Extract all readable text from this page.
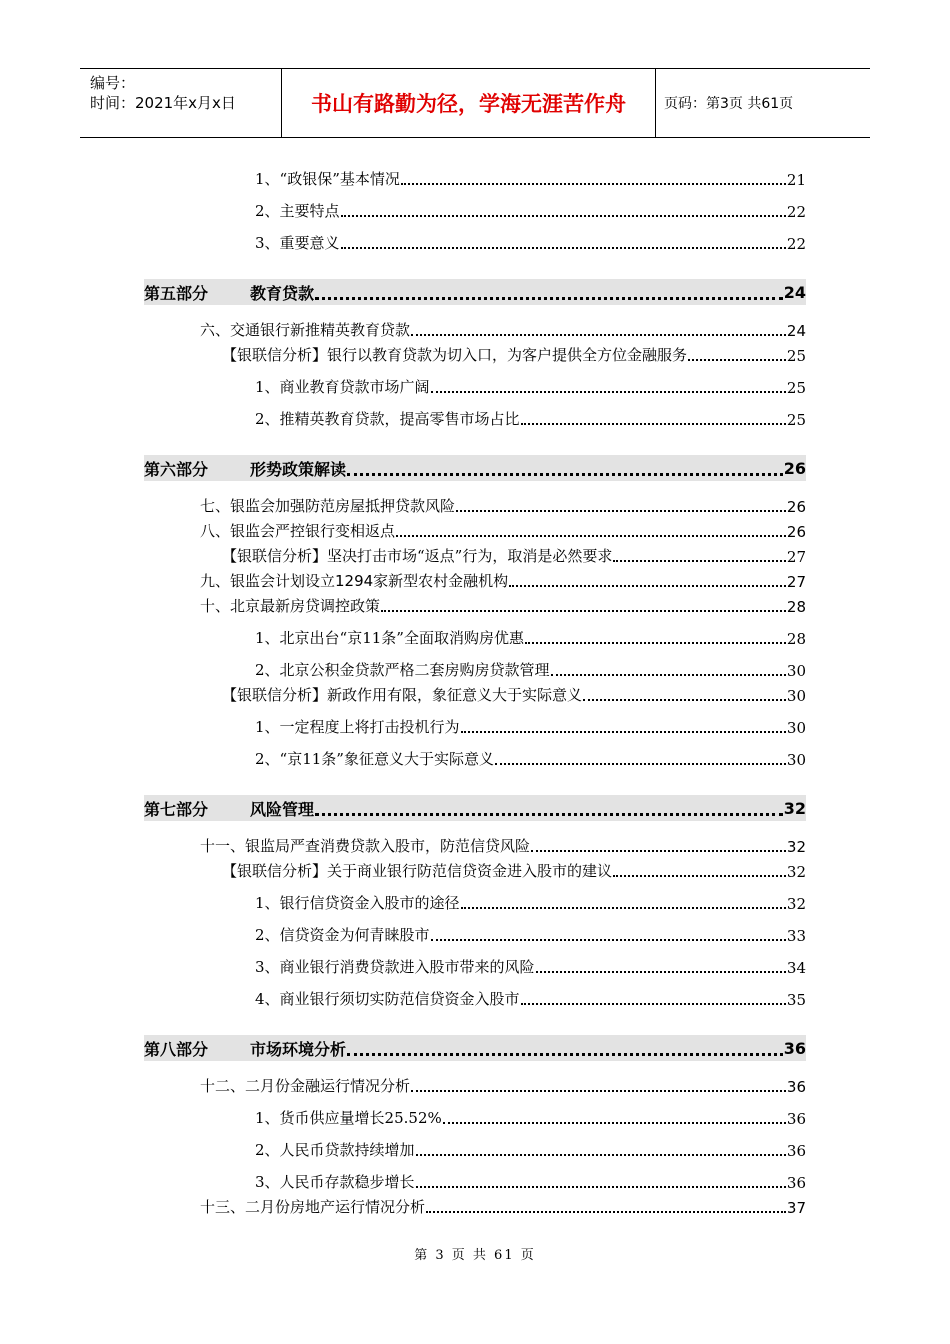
编号：
时间：2021年x月x日	书山有路勤为径，学海无涯苦作舟	页码：第3页 共61页
1、“政银保”基本情况	21
2、主要特点	22
3、重要意义	22
第五部分	教育贷款	24
六、交通银行新推精英教育贷款	24
【银联信分析】银行以教育贷款为切入口，为客户提供全方位金融服务	25
1、商业教育贷款市场广阔	25
2、推精英教育贷款，提高零售市场占比	25
第六部分	形势政策解读	26
七、银监会加强防范房屋抵押贷款风险	26
八、银监会严控银行变相返点	26
【银联信分析】坚决打击市场“返点”行为，取消是必然要求	27
九、银监会计划设立1294家新型农村金融机构	27
十、北京最新房贷调控政策	28
1、北京出台“京11条”全面取消购房优惠	28
2、北京公积金贷款严格二套房购房贷款管理	30
【银联信分析】新政作用有限，象征意义大于实际意义	30
1、一定程度上将打击投机行为	30
2、“京11条”象征意义大于实际意义	30
第七部分	风险管理	32
十一、银监局严查消费贷款入股市，防范信贷风险	32
【银联信分析】关于商业银行防范信贷资金进入股市的建议	32
1、银行信贷资金入股市的途径	32
2、信贷资金为何青睐股市	33
3、商业银行消费贷款进入股市带来的风险	34
4、商业银行须切实防范信贷资金入股市	35
第八部分	市场环境分析	36
十二、二月份金融运行情况分析	36
1、货币供应量增长25.52%	36
2、人民币贷款持续增加	36
3、人民币存款稳步增长	36
十三、二月份房地产运行情况分析	37
第 3 页 共 61 页
